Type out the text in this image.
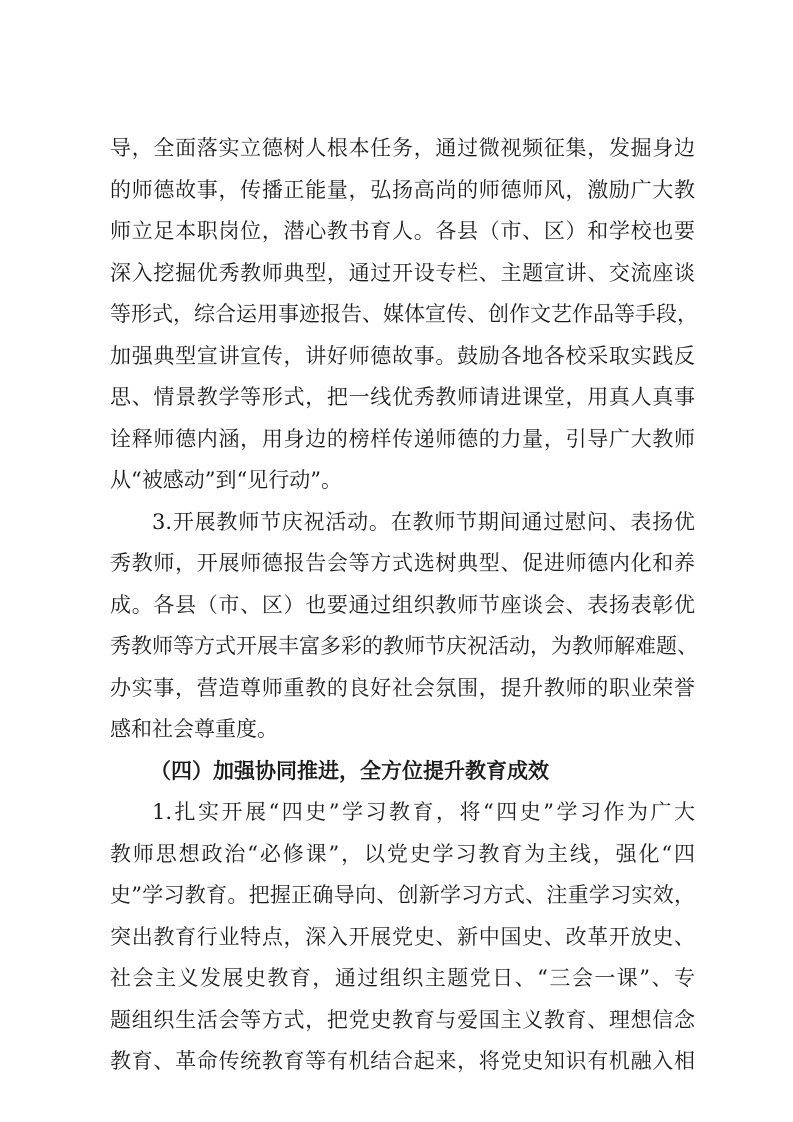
导，全面落实立德树人根本任务，通过微视频征集，发掘身边
的师德故事，传播正能量，弘扬高尚的师德师风，激励广大教
师立足本职岗位，潜心教书育人。各县（市、区）和学校也要
深入挖掘优秀教师典型，通过开设专栏、主题宣讲、交流座谈
等形式，综合运用事迹报告、媒体宣传、创作文艺作品等手段，
加强典型宣讲宣传，讲好师德故事。鼓励各地各校采取实践反
思、情景教学等形式，把一线优秀教师请进课堂，用真人真事
诠释师德内涵，用身边的榜样传递师德的力量，引导广大教师
从“被感动”到“见行动”。
3.开展教师节庆祝活动。在教师节期间通过慰问、表扬优
秀教师，开展师德报告会等方式选树典型、促进师德内化和养
成。各县（市、区）也要通过组织教师节座谈会、表扬表彰优
秀教师等方式开展丰富多彩的教师节庆祝活动，为教师解难题、
办实事，营造尊师重教的良好社会氛围，提升教师的职业荣誉
感和社会尊重度。
（四）加强协同推进，全方位提升教育成效
1.扎实开展“四史”学习教育，将“四史”学习作为广大
教师思想政治“必修课”，以党史学习教育为主线，强化“四
史”学习教育。把握正确导向、创新学习方式、注重学习实效，
突出教育行业特点，深入开展党史、新中国史、改革开放史、
社会主义发展史教育，通过组织主题党日、“三会一课”、专
题组织生活会等方式，把党史教育与爱国主义教育、理想信念
教育、革命传统教育等有机结合起来，将党史知识有机融入相
